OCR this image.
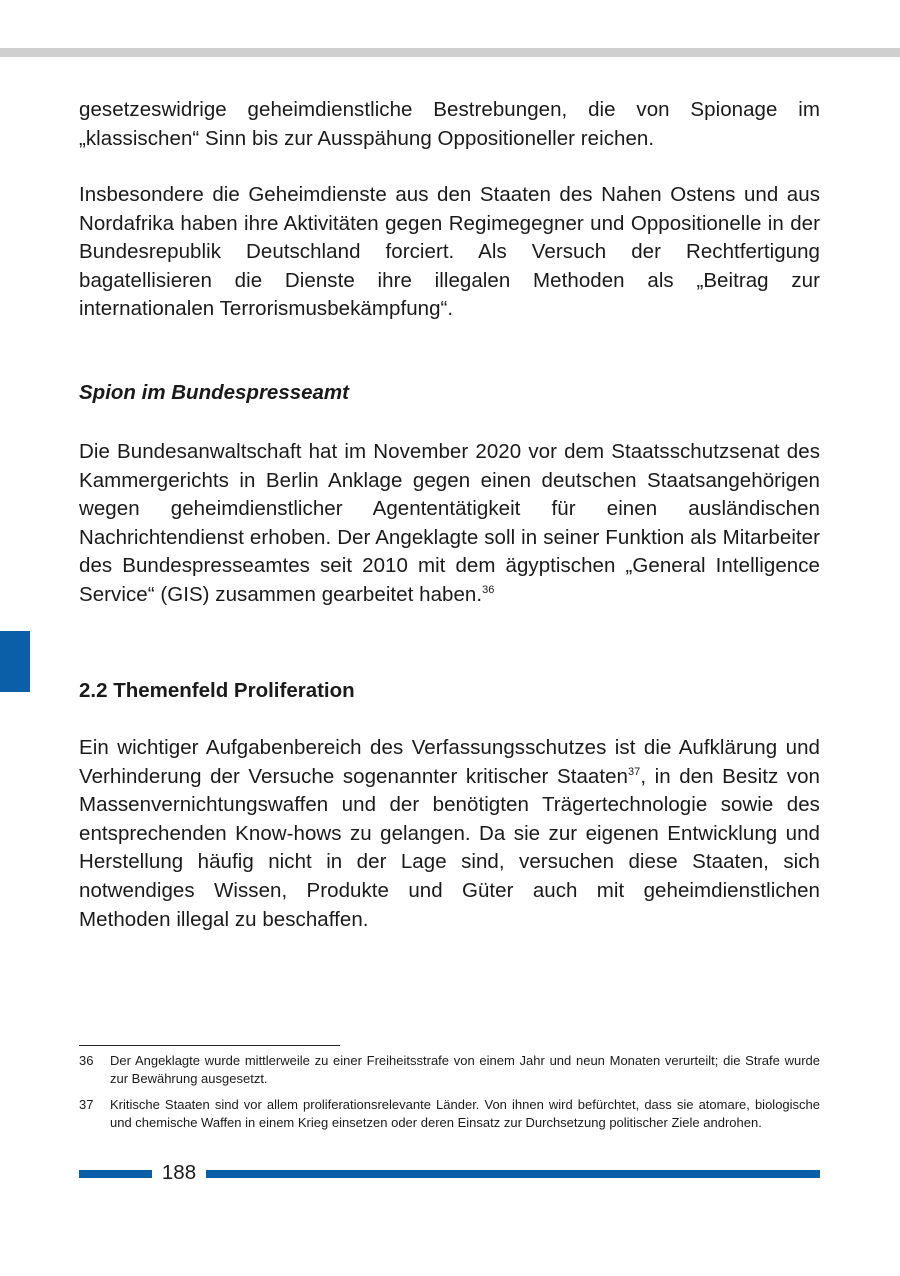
gesetzeswidrige geheimdienstliche Bestrebungen, die von Spionage im „klassischen“ Sinn bis zur Ausspähung Oppositioneller reichen.

Insbesondere die Geheimdienste aus den Staaten des Nahen Ostens und aus Nordafrika haben ihre Aktivitäten gegen Regimegegner und Oppositionelle in der Bundesrepublik Deutschland forciert. Als Versuch der Rechtfertigung bagatellisieren die Dienste ihre illegalen Methoden als „Beitrag zur internationalen Terrorismusbekämpfung“.

Spion im Bundespresseamt

Die Bundesanwaltschaft hat im November 2020 vor dem Staatsschutzsenat des Kammergerichts in Berlin Anklage gegen einen deutschen Staatsangehörigen wegen geheimdienstlicher Agententätigkeit für einen ausländischen Nachrichtendienst erhoben. Der Angeklagte soll in seiner Funktion als Mitarbeiter des Bundespresseamtes seit 2010 mit dem ägyptischen „General Intelligence Service“ (GIS) zusammen gearbeitet haben.$^{36}$

2.2 Themenfeld Proliferation

Ein wichtiger Aufgabenbereich des Verfassungsschutzes ist die Aufklärung und Verhinderung der Versuche sogenannter kritischer Staaten$^{37}$, in den Besitz von Massenvernichtungswaffen und der benötigten Trägertechnologie sowie des entsprechenden Know-hows zu gelangen. Da sie zur eigenen Entwicklung und Herstellung häufig nicht in der Lage sind, versuchen diese Staaten, sich notwendiges Wissen, Produkte und Güter auch mit geheimdienstlichen Methoden illegal zu beschaffen.

36	Der Angeklagte wurde mittlerweile zu einer Freiheitsstrafe von einem Jahr und neun Monaten verurteilt; die Strafe wurde zur Bewährung ausgesetzt.
37	Kritische Staaten sind vor allem proliferationsrelevante Länder. Von ihnen wird befürchtet, dass sie atomare, biologische und chemische Waffen in einem Krieg einsetzen oder deren Einsatz zur Durchsetzung politischer Ziele androhen.
188
